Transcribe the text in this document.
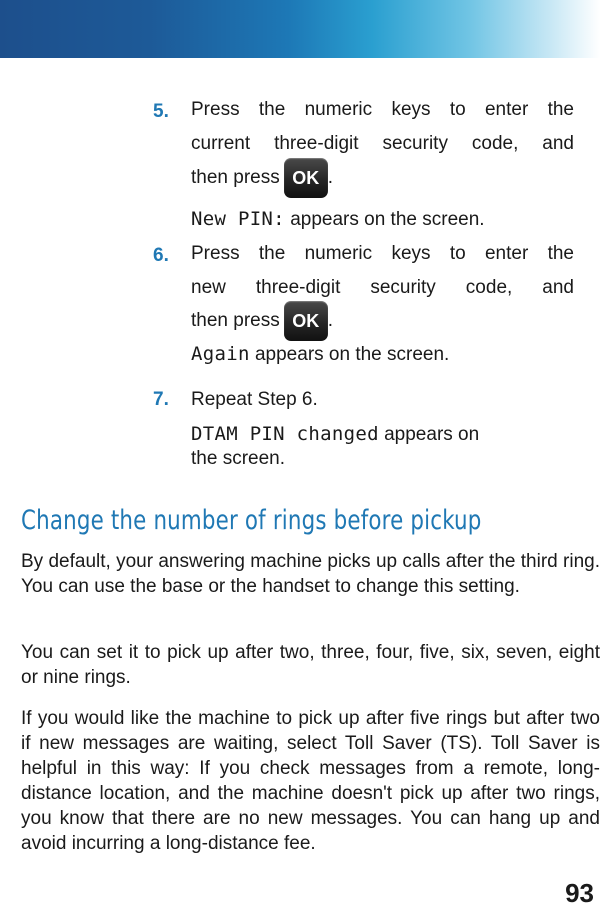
5. Press the numeric keys to enter the
current three-digit security code, and
then press OK .
New PIN: appears on the screen.
6. Press the numeric keys to enter the
new three-digit security code, and
then press OK .
Again appears on the screen.
7. Repeat Step 6.
DTAM PIN changed appears on
the screen.
Change the number of rings before pickup

By default, your answering machine picks up calls after the third ring. You can use the base or the handset to change this setting.

You can set it to pick up after two, three, four, five, six, seven, eight or nine rings.

If you would like the machine to pick up after five rings but after two if new messages are waiting, select Toll Saver (TS). Toll Saver is helpful in this way: If you check messages from a remote, long-distance location, and the machine doesn't pick up after two rings, you know that there are no new messages. You can hang up and avoid incurring a long-distance fee.

93
